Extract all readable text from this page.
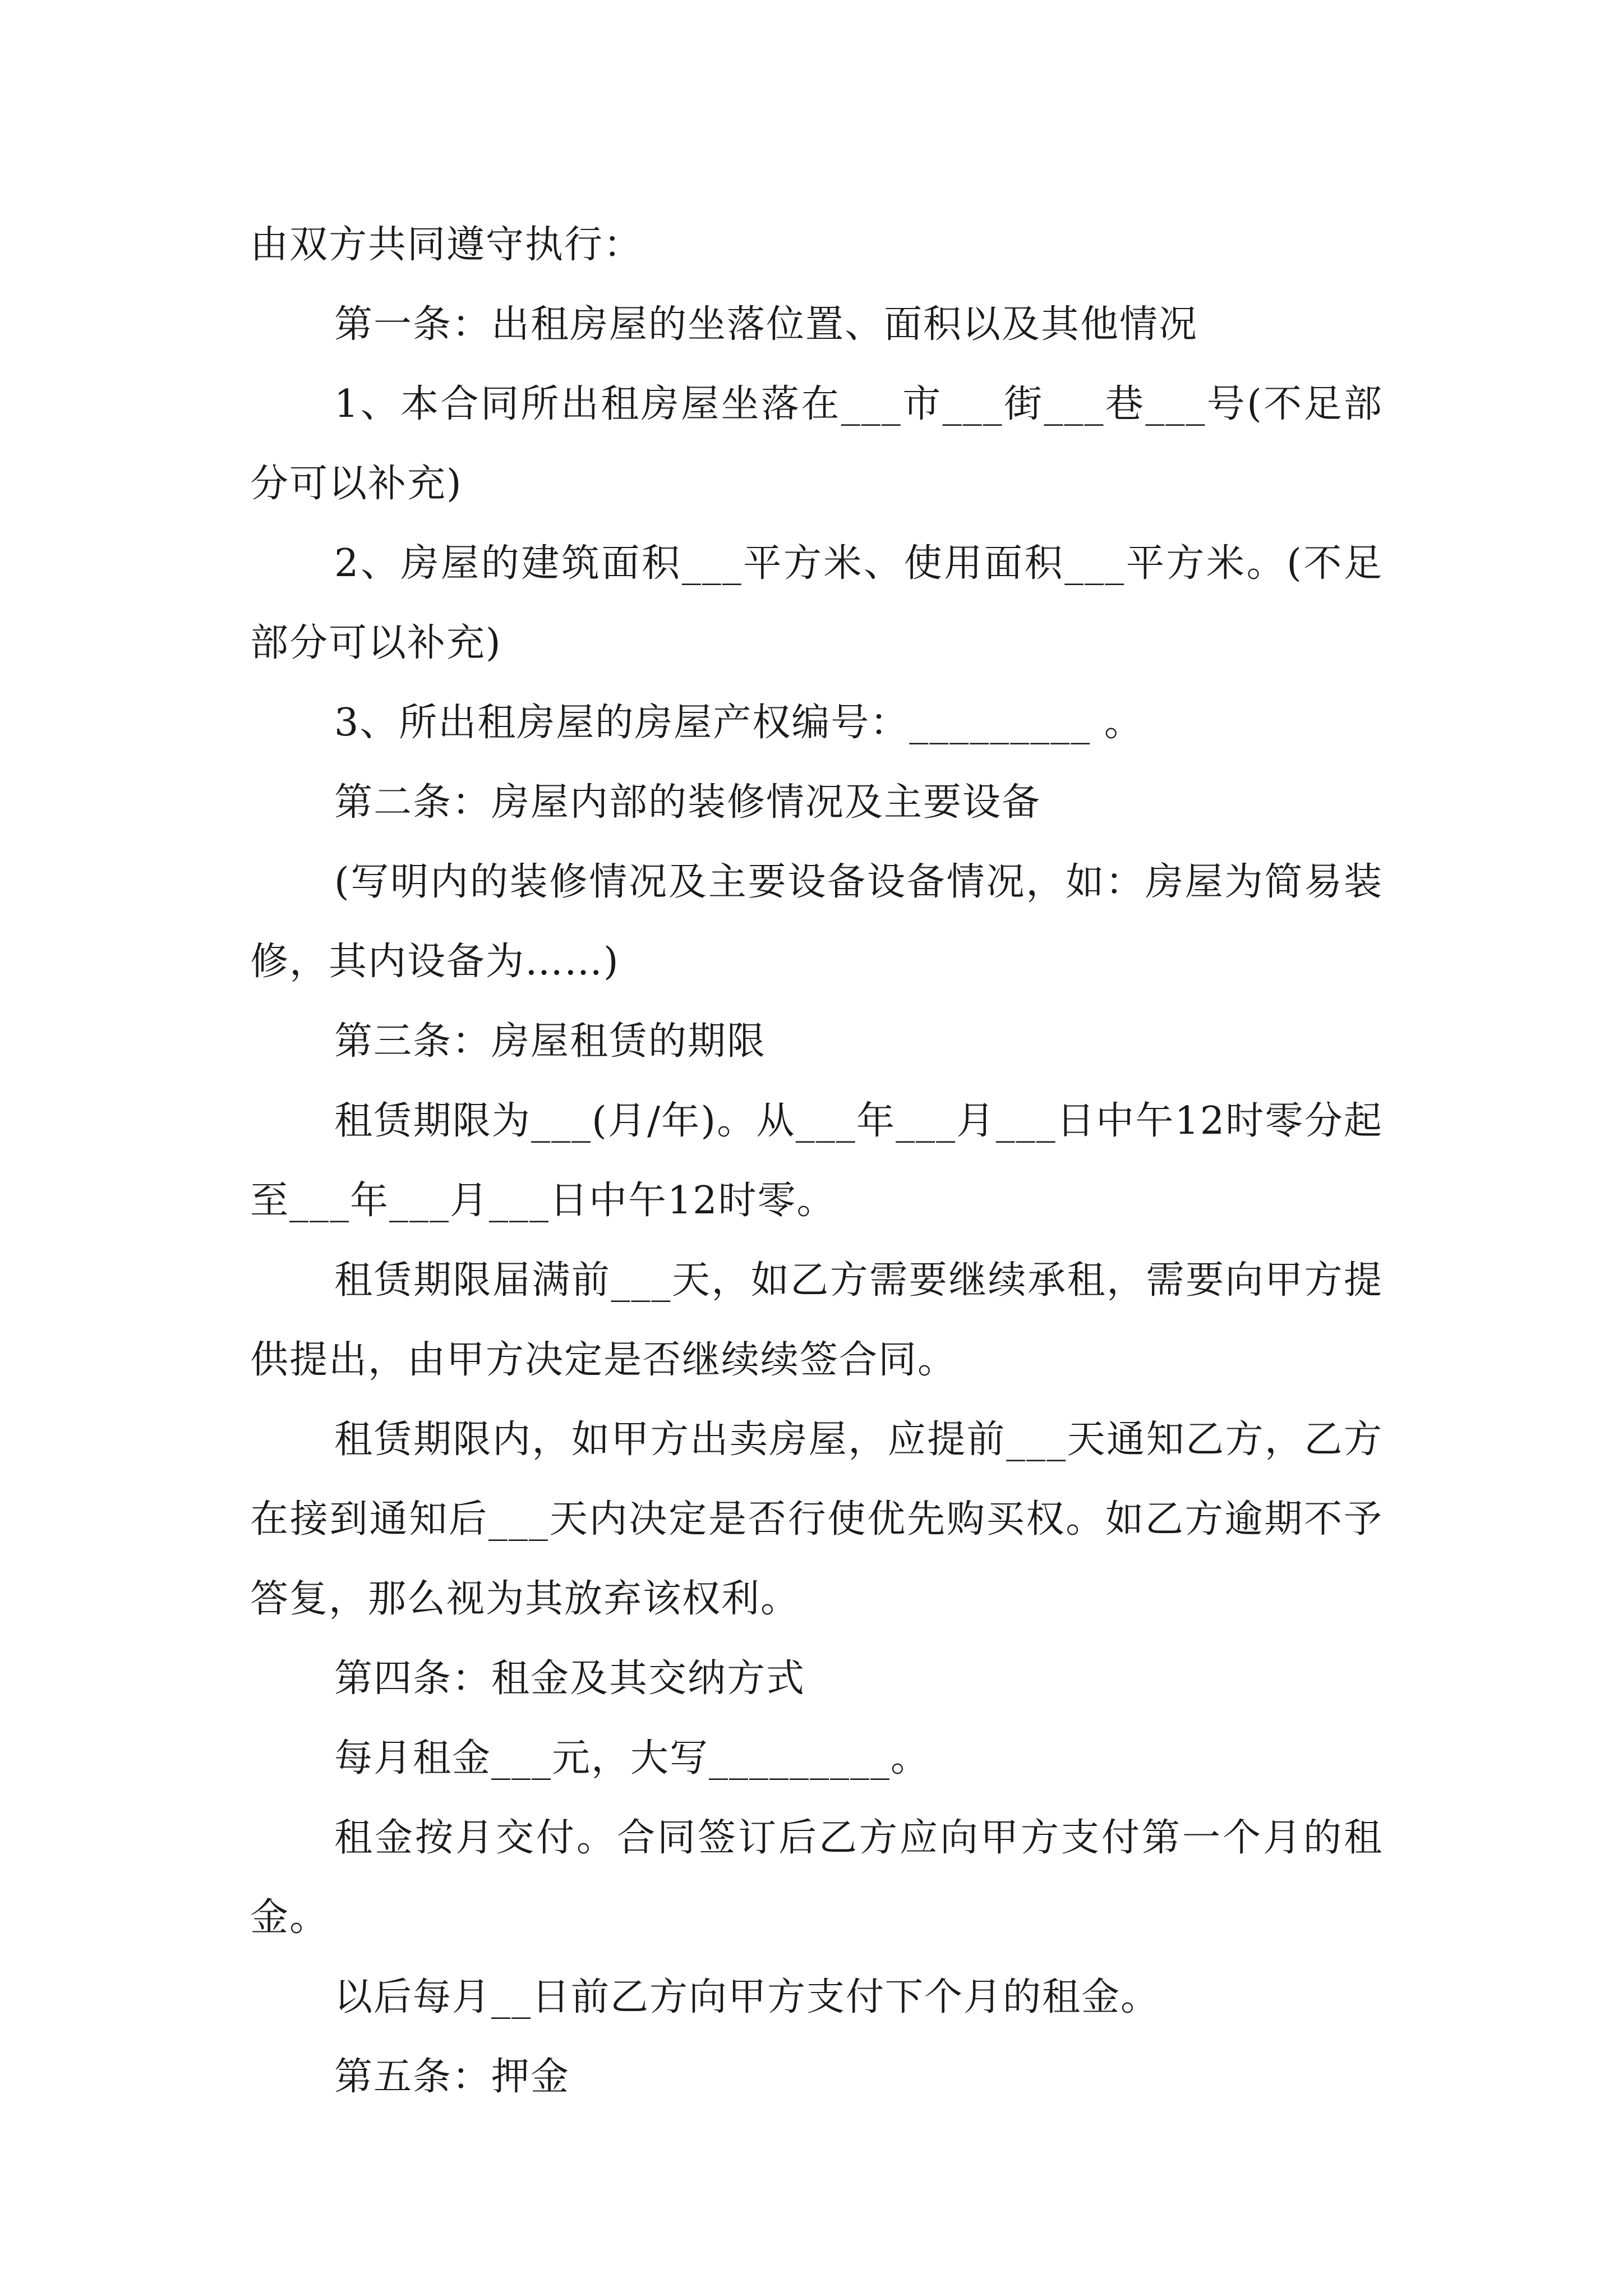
由双方共同遵守执行：

第一条：出租房屋的坐落位置、面积以及其他情况

1、本合同所出租房屋坐落在___市___街___巷___号(不足部分可以补充)

2、房屋的建筑面积___平方米、使用面积___平方米。(不足部分可以补充)

3、所出租房屋的房屋产权编号：_________ 。

第二条：房屋内部的装修情况及主要设备

(写明内的装修情况及主要设备设备情况，如：房屋为简易装修，其内设备为……)

第三条：房屋租赁的期限

租赁期限为___(月/年)。从___年___月___日中午12时零分起至___年___月___日中午12时零。

租赁期限届满前___天，如乙方需要继续承租，需要向甲方提供提出，由甲方决定是否继续续签合同。

租赁期限内，如甲方出卖房屋，应提前___天通知乙方，乙方在接到通知后___天内决定是否行使优先购买权。如乙方逾期不予答复，那么视为其放弃该权利。

第四条：租金及其交纳方式

每月租金___元，大写_________。

租金按月交付。合同签订后乙方应向甲方支付第一个月的租金。

以后每月__日前乙方向甲方支付下个月的租金。

第五条：押金
